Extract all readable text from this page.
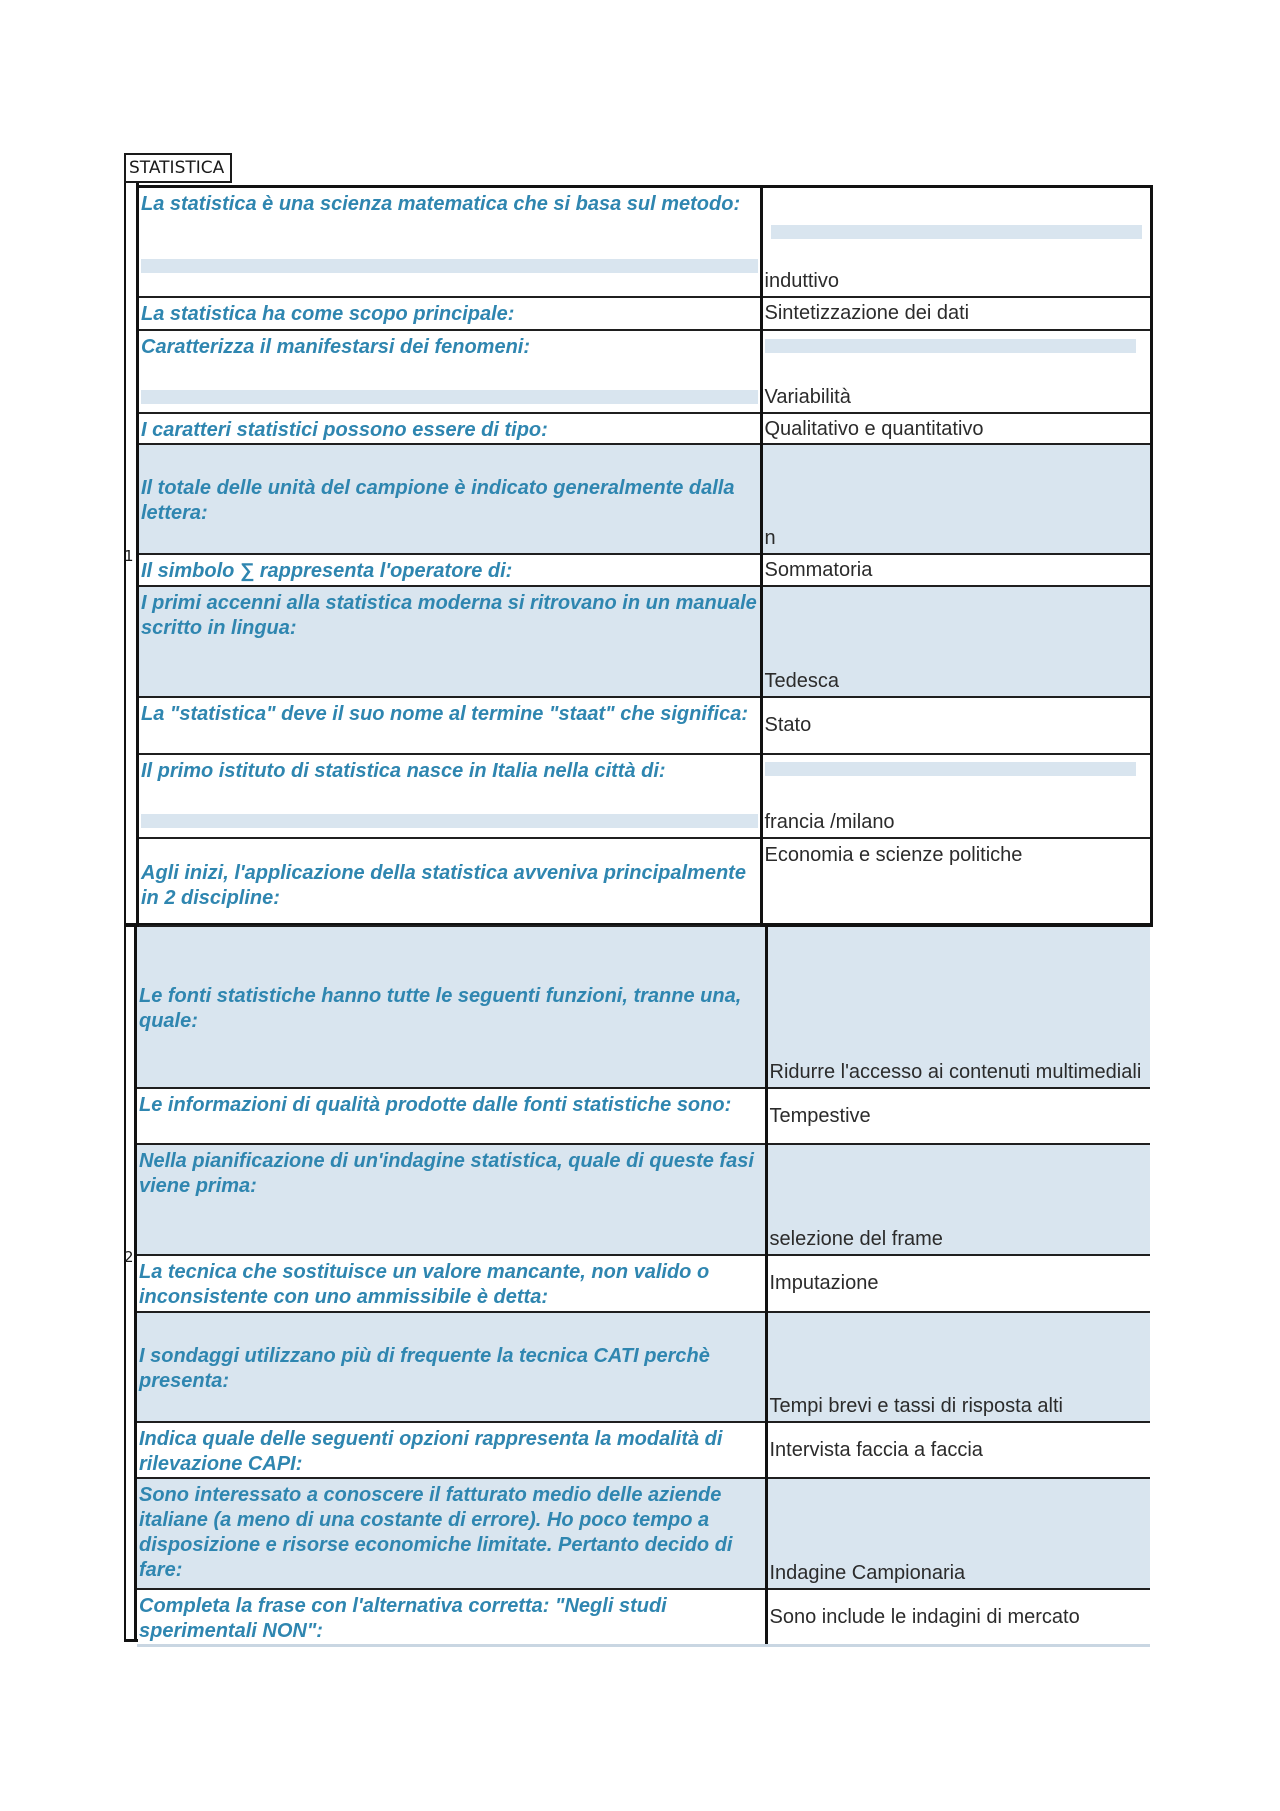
STATISTICA
1
2
La statistica è una scienza matematica che si basa sul metodo:	induttivo
La statistica ha come scopo principale:	Sintetizzazione dei dati
Caratterizza il manifestarsi dei fenomeni:	Variabilità
I caratteri statistici possono essere di tipo:	Qualitativo e quantitativo
Il totale delle unità del campione è indicato generalmente dalla lettera:	n
Il simbolo ∑ rappresenta l'operatore di:	Sommatoria
I primi accenni alla statistica moderna si ritrovano in un manuale scritto in lingua:	Tedesca
La "statistica" deve il suo nome al termine "staat" che significa:	Stato
Il primo istituto di statistica nasce in Italia nella città di:	francia /milano
Agli inizi, l'applicazione della statistica avveniva principalmente in 2 discipline:	Economia e scienze politiche
Le fonti statistiche hanno tutte le seguenti funzioni, tranne una, quale:	Ridurre l'accesso ai contenuti multimediali
Le informazioni di qualità prodotte dalle fonti statistiche sono:	Tempestive
Nella pianificazione di un'indagine statistica, quale di queste fasi viene prima:	selezione del frame
La tecnica che sostituisce un valore mancante, non valido o inconsistente con uno ammissibile è detta:	Imputazione
I sondaggi utilizzano più di frequente la tecnica CATI perchè presenta:	Tempi brevi e tassi di risposta alti
Indica quale delle seguenti opzioni rappresenta la modalità di rilevazione CAPI:	Intervista faccia a faccia
Sono interessato a conoscere il fatturato medio delle aziende italiane (a meno di una costante di errore). Ho poco tempo a disposizione e risorse economiche limitate. Pertanto decido di fare:	Indagine Campionaria
Completa la frase con l'alternativa corretta: "Negli studi sperimentali NON":	Sono include le indagini di mercato
